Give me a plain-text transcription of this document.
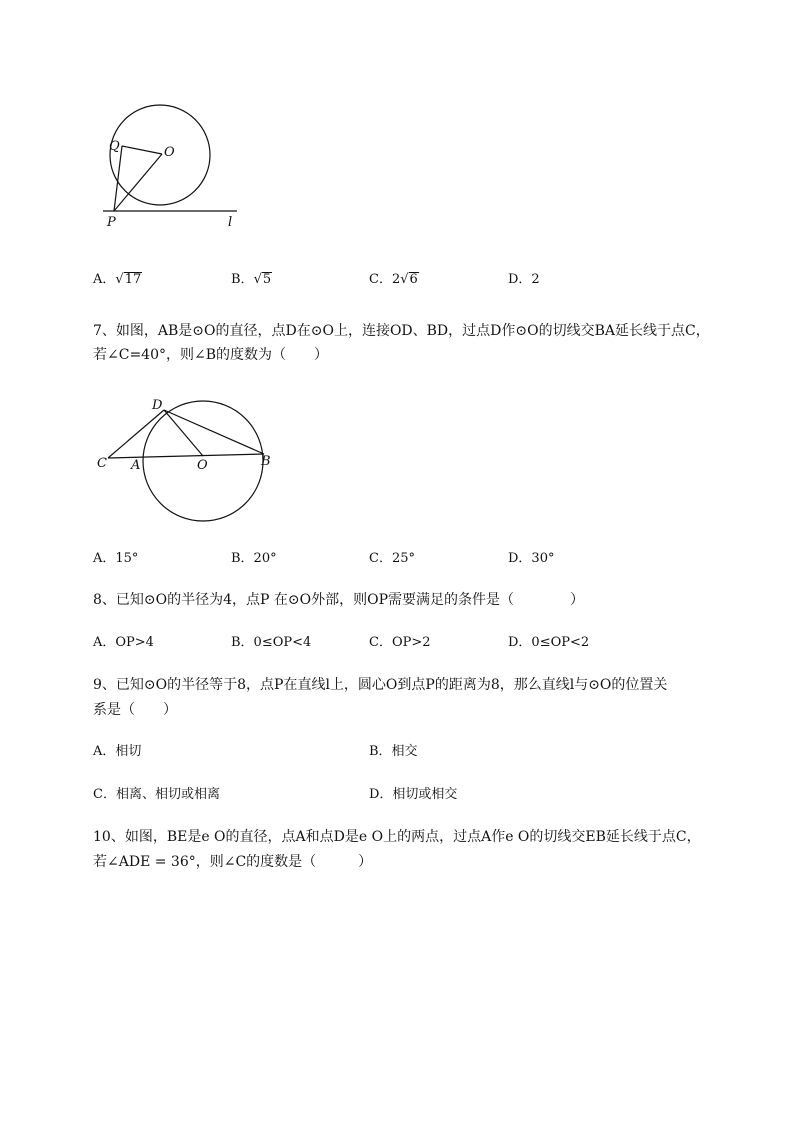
Q	O
P	l
A．√17	B．√5	C．2√6	D．2
7、如图，AB是⊙O的直径，点D在⊙O上，连接OD、BD，过点D作⊙O的切线交BA延长线于点C，
若∠C=40°，则∠B的度数为（　　）
D
C A	O	B
A．15°	B．20°	C．25°	D．30°
8、已知⊙O的半径为4，点P 在⊙O外部，则OP需要满足的条件是（　　　　）
A．OP>4	B．0≤OP<4	C．OP>2	D．0≤OP<2
9、已知⊙O的半径等于8，点P在直线l上，圆心O到点P的距离为8，那么直线l与⊙O的位置关
系是（　　）
A．相切	B．相交
C．相离、相切或相离	D．相切或相交
10、如图，BE是e O的直径，点A和点D是e O上的两点，过点A作e O的切线交EB延长线于点C，
若∠ADE = 36°，则∠C的度数是（　　　）
